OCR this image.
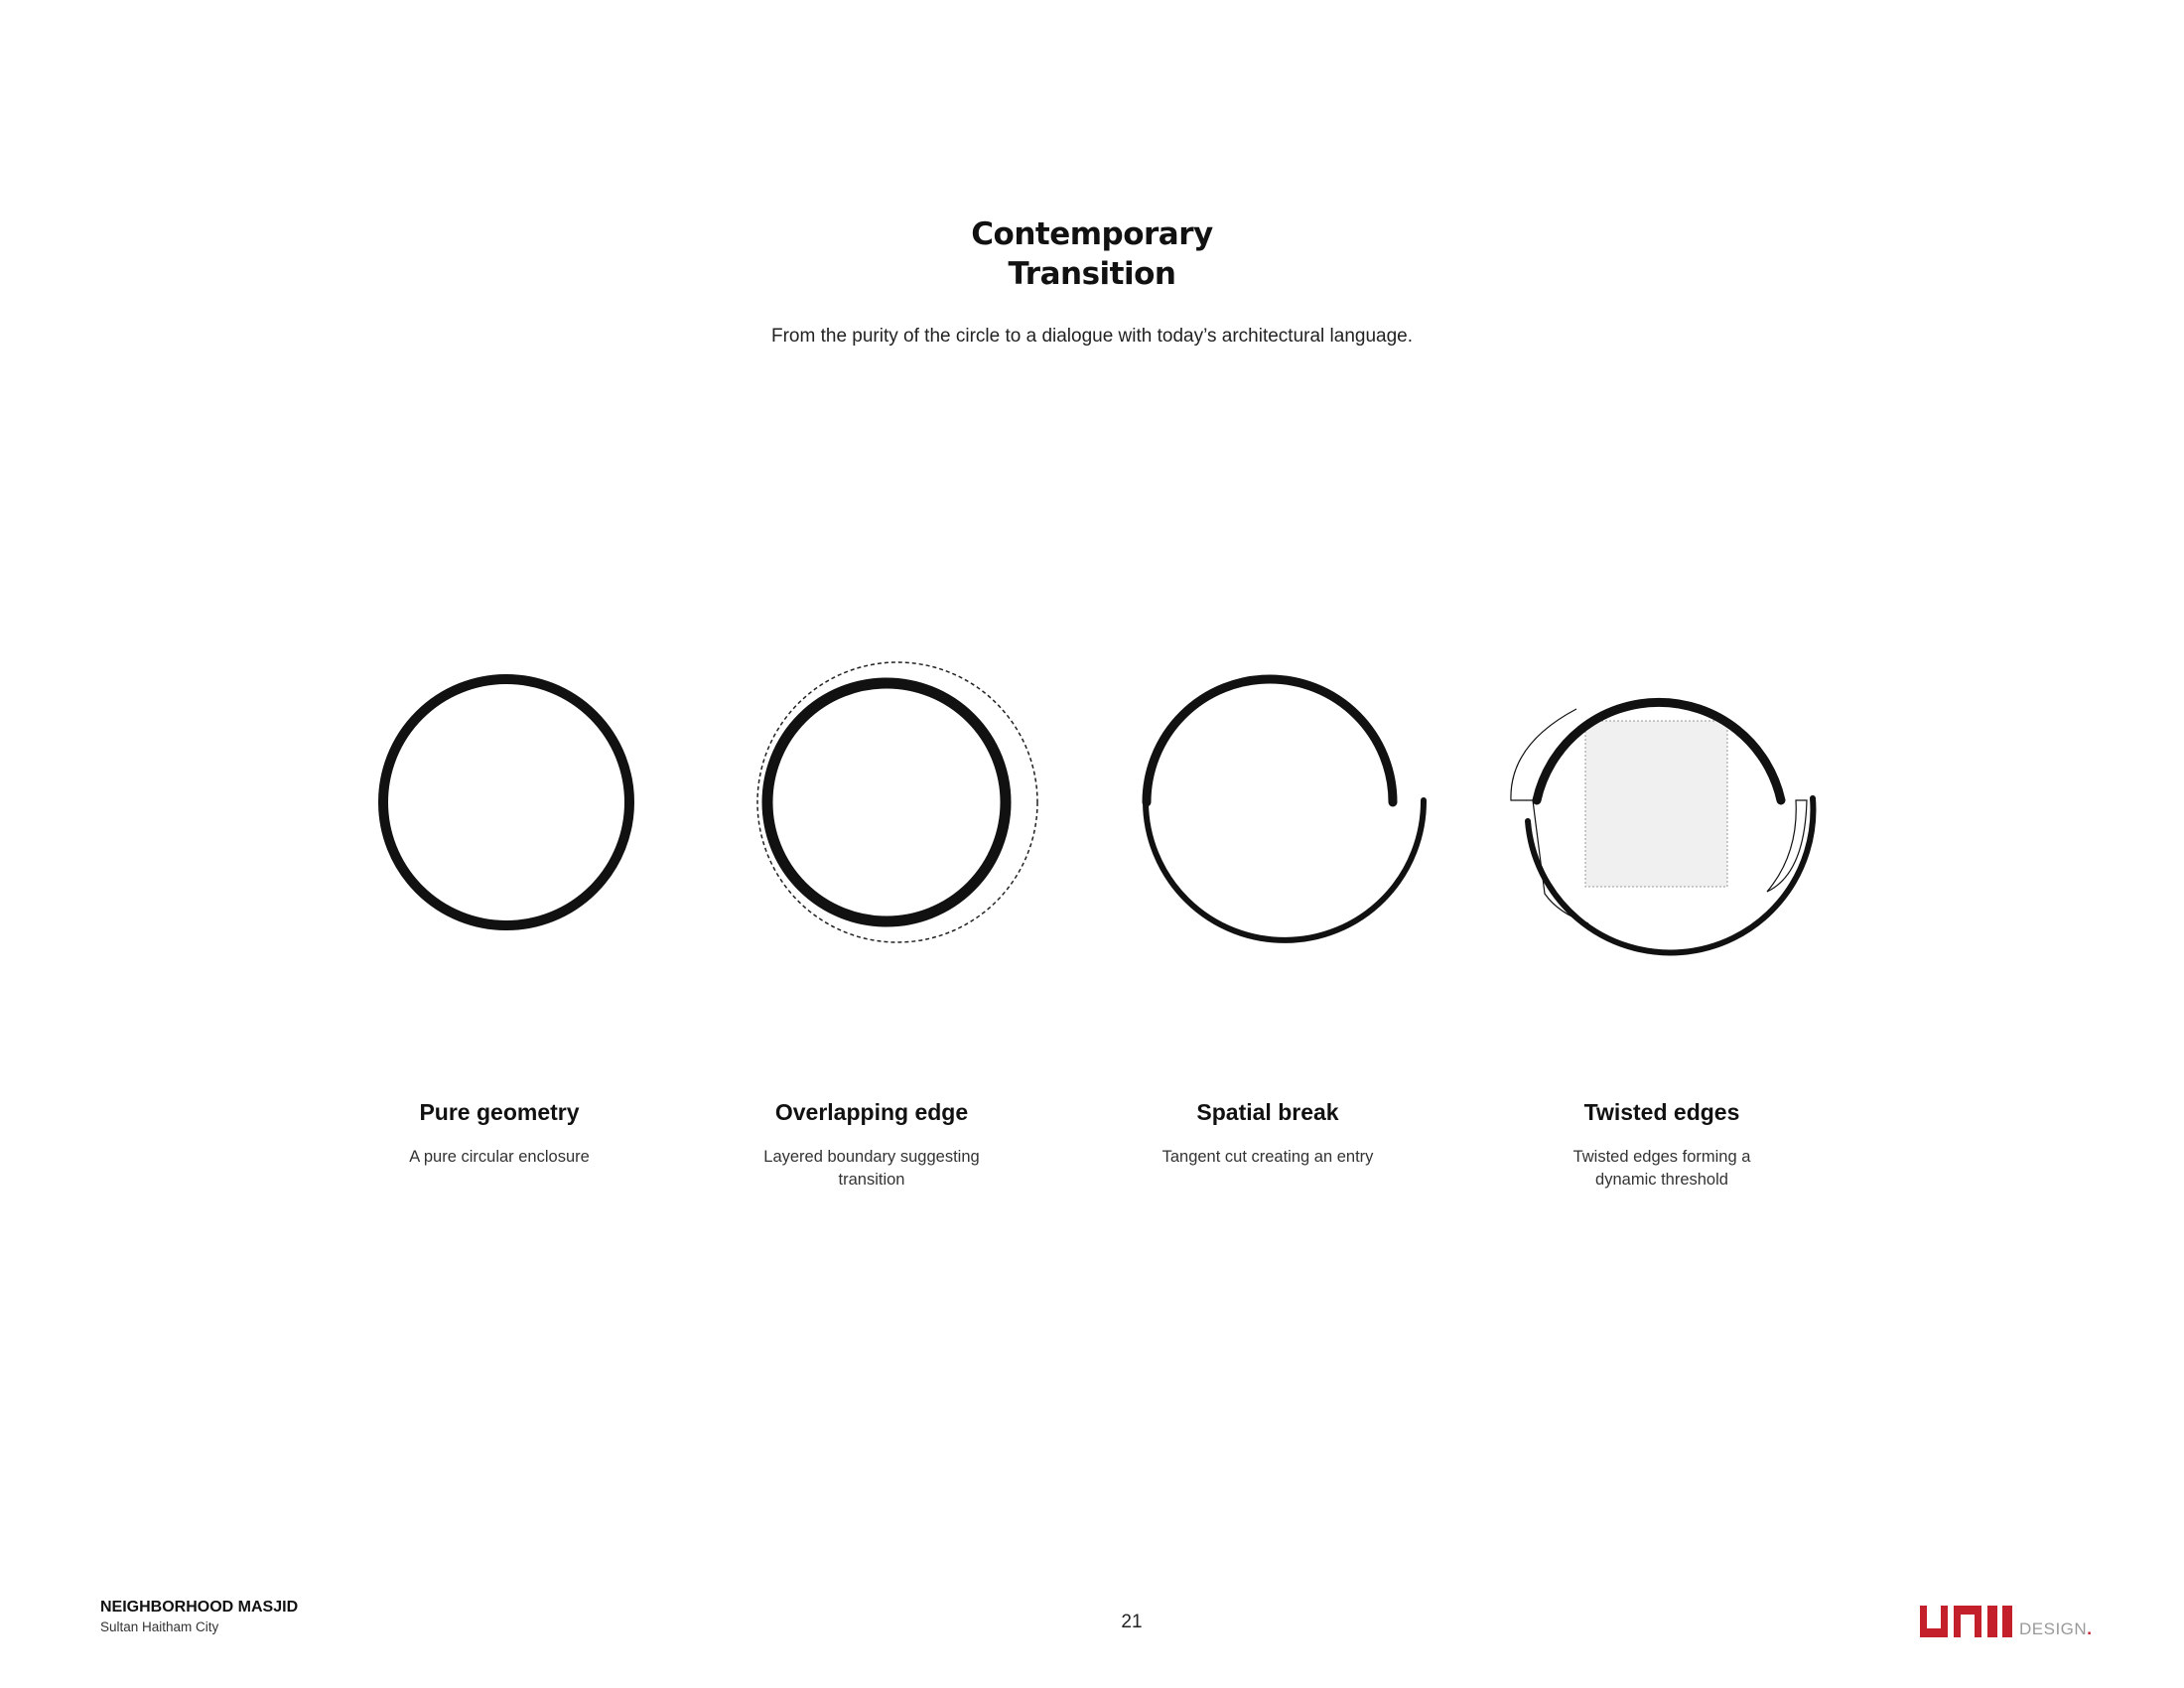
Contemporary
Transition
From the purity of the circle to a dialogue with today’s architectural language.
Pure geometry
A pure circular enclosure
Overlapping edge
Layered boundary suggesting transition
Spatial break
Tangent cut creating an entry
Twisted edges
Twisted edges forming a dynamic threshold
NEIGHBORHOOD MASJID
Sultan Haitham City	21	DESIGN.
